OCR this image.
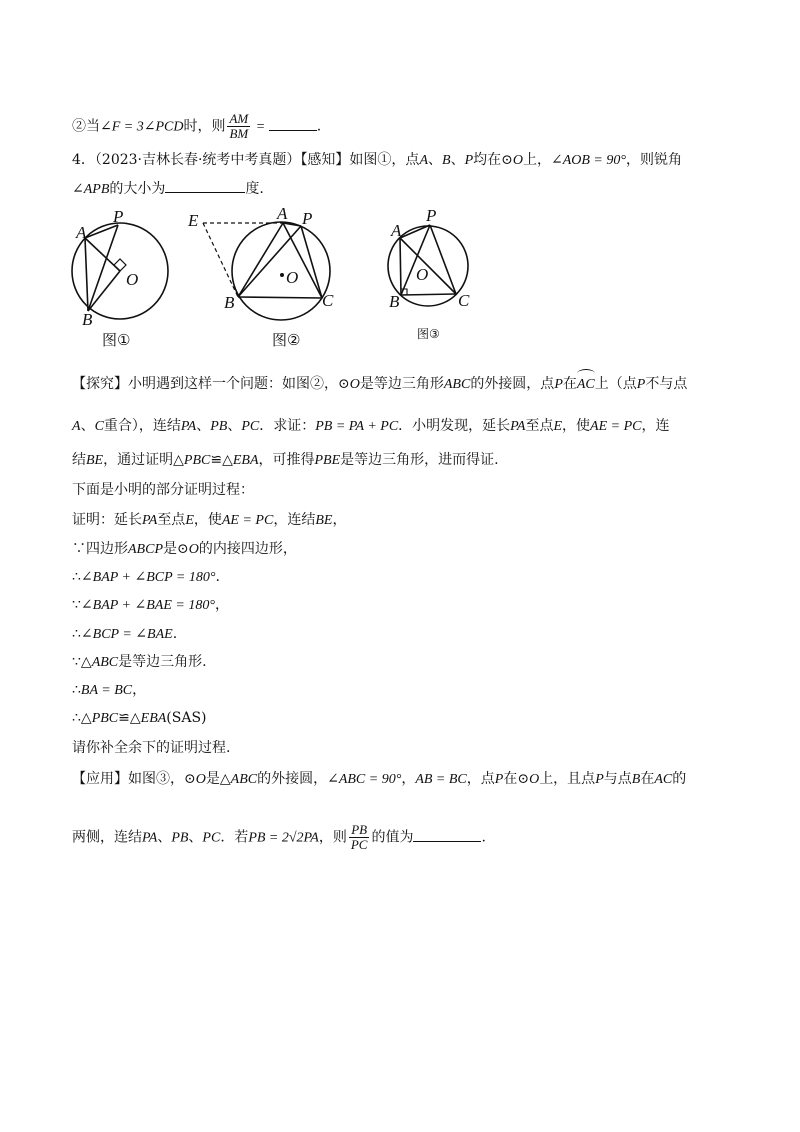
②当∠F = 3∠PCD时，则 $\frac{AM}{BM}$ =	.
4．（2023·吉林长春·统考中考真题）【感知】如图①，点A、B、P均在⊙O上，∠AOB = 90°，则锐角
∠APB的大小为	度.
【探究】小明遇到这样一个问题：如图②，⊙O是等边三角形ABC的外接圆，点P在AC上（点P不与点
A、C重合），连结PA、PB、PC．求证：PB = PA + PC．小明发现，延长PA至点E，使AE = PC，连
结BE，通过证明△PBC≌△EBA，可推得PBE是等边三角形，进而得证.
下面是小明的部分证明过程：
证明：延长PA至点E，使AE = PC，连结BE，
∵四边形ABCP是⊙O的内接四边形，
∴∠BAP + ∠BCP = 180°.
∵∠BAP + ∠BAE = 180°，
∴∠BCP = ∠BAE.
∵△ABC是等边三角形.
∴BA = BC，
∴△PBC≌△EBA(SAS)
请你补全余下的证明过程.
【应用】如图③，⊙O是△ABC的外接圆，∠ABC = 90°，AB = BC，点P在⊙O上，且点P与点B在AC的
两侧，连结PA、PB、PC．若PB = 2√2PA，则 $\frac{PB}{PC}$ 的值为	.
A
P
O
B
图①
E	A P
O
B	C
图②
A
P
O
B	C
图③
